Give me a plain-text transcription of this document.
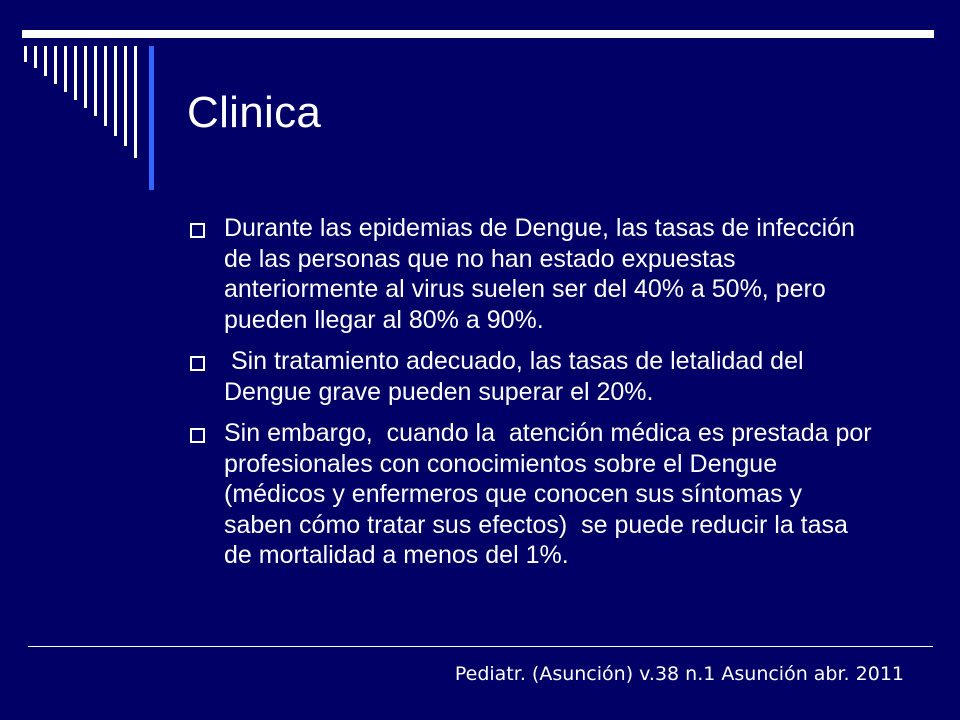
Clinica
Durante las epidemias de Dengue, las tasas de infección de las personas que no han estado expuestas anteriormente al virus suelen ser del 40% a 50%, pero pueden llegar al 80% a 90%.
Sin tratamiento adecuado, las tasas de letalidad del Dengue grave pueden superar el 20%.
Sin embargo,  cuando la  atención médica es prestada por profesionales con conocimientos sobre el Dengue (médicos y enfermeros que conocen sus síntomas y saben cómo tratar sus efectos)  se puede reducir la tasa de mortalidad a menos del 1%.
Pediatr. (Asunción) v.38 n.1 Asunción abr. 2011
